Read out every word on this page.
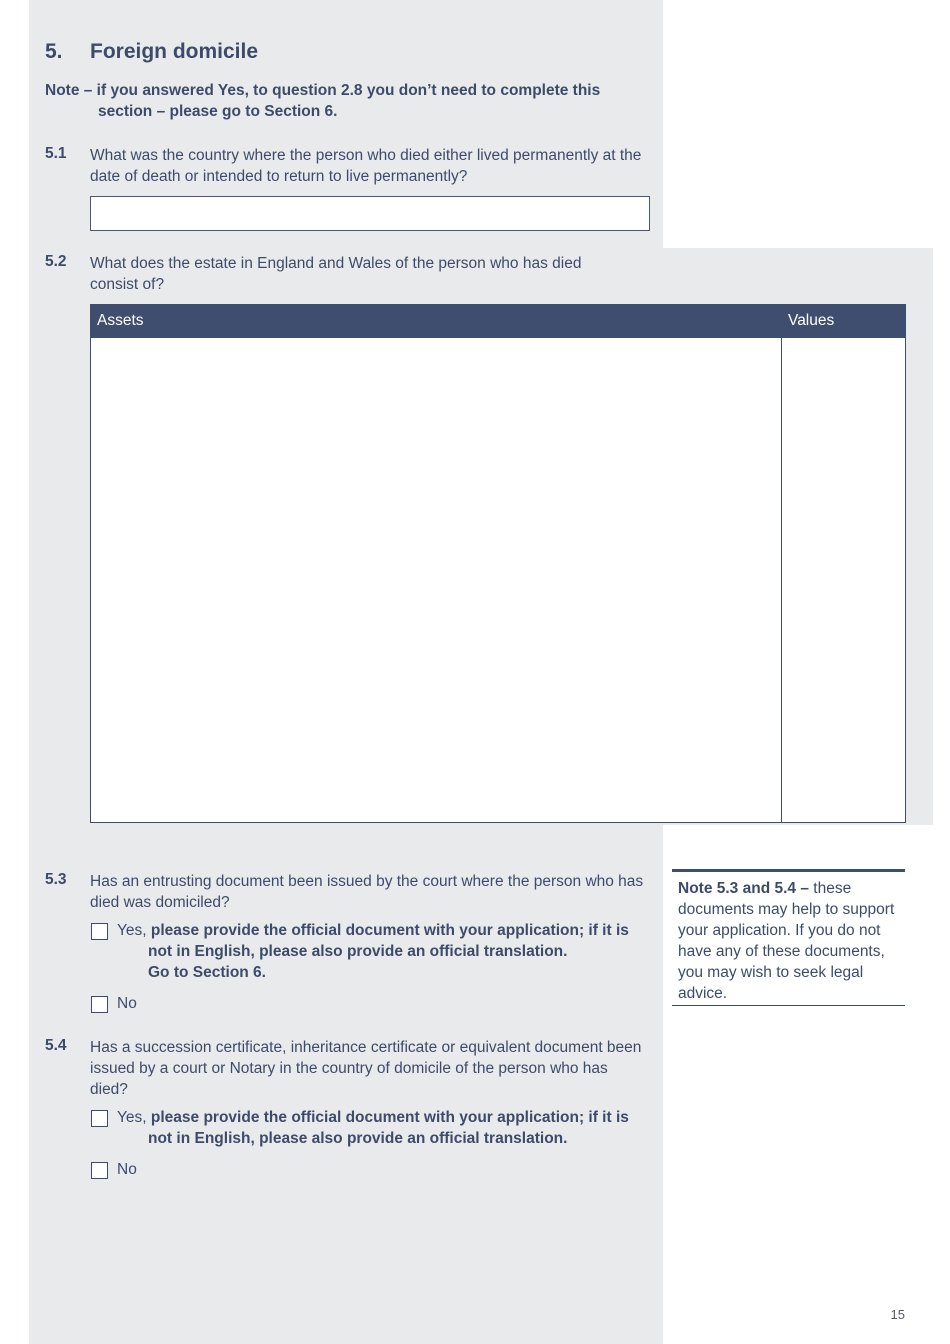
5. Foreign domicile
Note – if you answered Yes, to question 2.8 you don’t need to complete this
section – please go to Section 6.
5.1 What was the country where the person who died either lived permanently at the date of death or intended to return to live permanently?
5.2 What does the estate in England and Wales of the person who has died consist of?
Assets	Values

5.3 Has an entrusting document been issued by the court where the person who has died was domiciled?
Yes, please provide the official document with your application; if it is
not in English, please also provide an official translation.
Go to Section 6.
No
5.4 Has a succession certificate, inheritance certificate or equivalent document been issued by a court or Notary in the country of domicile of the person who has died?
Yes, please provide the official document with your application; if it is
not in English, please also provide an official translation.
No
Note 5.3 and 5.4 – these documents may help to support your application. If you do not have any of these documents, you may wish to seek legal advice.
15
